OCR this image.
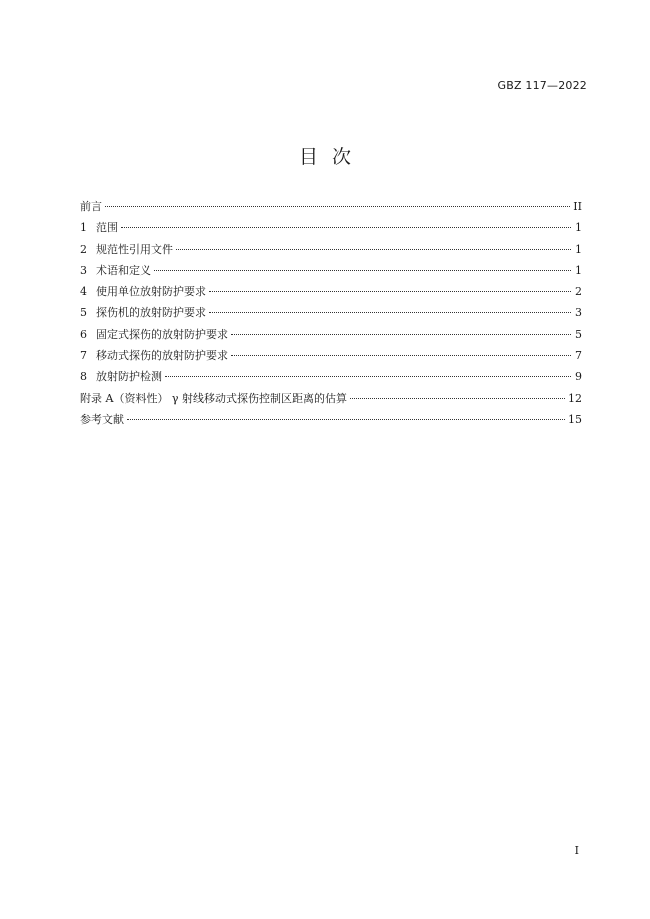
GBZ 117—2022
目次
前言	II
1 范围	1
2 规范性引用文件	1
3 术语和定义	1
4 使用单位放射防护要求	2
5 探伤机的放射防护要求	3
6 固定式探伤的放射防护要求	5
7 移动式探伤的放射防护要求	7
8 放射防护检测	9
附录 A（资料性） γ 射线移动式探伤控制区距离的估算	12
参考文献	15
I
